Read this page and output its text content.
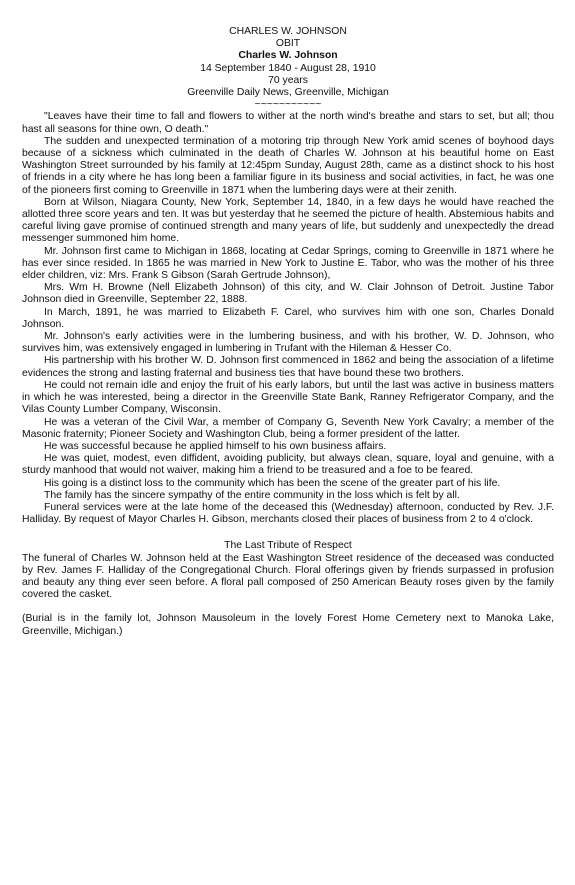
CHARLES W. JOHNSON
OBIT
Charles W. Johnson
14 September 1840 - August 28, 1910
70 years
Greenville Daily News, Greenville, Michigan
~~~~~~~~~~~

"Leaves have their time to fall and flowers to wither at the north wind's breathe and stars to set, but all; thou hast all seasons for thine own, O death."

The sudden and unexpected termination of a motoring trip through New York amid scenes of boyhood days because of a sickness which culminated in the death of Charles W. Johnson at his beautiful home on East Washington Street surrounded by his family at 12:45pm Sunday, August 28th, came as a distinct shock to his host of friends in a city where he has long been a familiar figure in its business and social activities, in fact, he was one of the pioneers first coming to Greenville in 1871 when the lumbering days were at their zenith.

Born at Wilson, Niagara County, New York, September 14, 1840, in a few days he would have reached the allotted three score years and ten. It was but yesterday that he seemed the picture of health. Abstemious habits and careful living gave promise of continued strength and many years of life, but suddenly and unexpectedly the dread messenger summoned him home.

Mr. Johnson first came to Michigan in 1868, locating at Cedar Springs, coming to Greenville in 1871 where he has ever since resided. In 1865 he was married in New York to Justine E. Tabor, who was the mother of his three elder children, viz: Mrs. Frank S Gibson (Sarah Gertrude Johnson),

Mrs. Wm H. Browne (Nell Elizabeth Johnson) of this city, and W. Clair Johnson of Detroit. Justine Tabor Johnson died in Greenville, September 22, 1888.

In March, 1891, he was married to Elizabeth F. Carel, who survives him with one son, Charles Donald Johnson.

Mr. Johnson's early activities were in the lumbering business, and with his brother, W. D. Johnson, who survives him, was extensively engaged in lumbering in Trufant with the Hileman & Hesser Co.

His partnership with his brother W. D. Johnson first commenced in 1862 and being the association of a lifetime evidences the strong and lasting fraternal and business ties that have bound these two brothers.

He could not remain idle and enjoy the fruit of his early labors, but until the last was active in business matters in which he was interested, being a director in the Greenville State Bank, Ranney Refrigerator Company, and the Vilas County Lumber Company, Wisconsin.

He was a veteran of the Civil War, a member of Company G, Seventh New York Cavalry; a member of the Masonic fraternity; Pioneer Society and Washington Club, being a former president of the latter.

He was successful because he applied himself to his own business affairs.

He was quiet, modest, even diffident, avoiding publicity, but always clean, square, loyal and genuine, with a sturdy manhood that would not waiver, making him a friend to be treasured and a foe to be feared.

His going is a distinct loss to the community which has been the scene of the greater part of his life.

The family has the sincere sympathy of the entire community in the loss which is felt by all.

Funeral services were at the late home of the deceased this (Wednesday) afternoon, conducted by Rev. J.F. Halliday. By request of Mayor Charles H. Gibson, merchants closed their places of business from 2 to 4 o'clock.

The Last Tribute of Respect

The funeral of Charles W. Johnson held at the East Washington Street residence of the deceased was conducted by Rev. James F. Halliday of the Congregational Church. Floral offerings given by friends surpassed in profusion and beauty any thing ever seen before. A floral pall composed of 250 American Beauty roses given by the family covered the casket.

(Burial is in the family lot, Johnson Mausoleum in the lovely Forest Home Cemetery next to Manoka Lake, Greenville, Michigan.)
